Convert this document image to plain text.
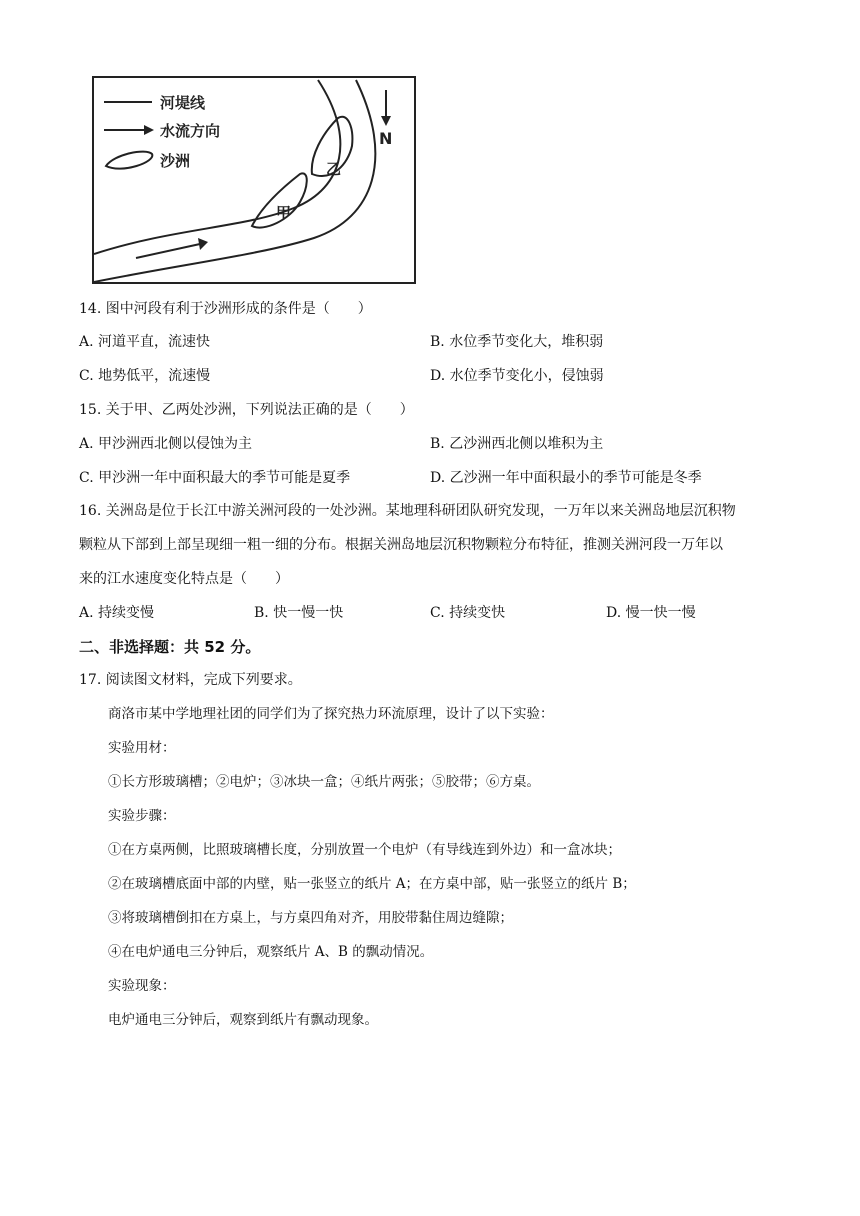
河堤线
水流方向
沙洲
N
甲
乙
14. 图中河段有利于沙洲形成的条件是（　　）
A. 河道平直，流速快	B. 水位季节变化大，堆积弱
C. 地势低平，流速慢	D. 水位季节变化小，侵蚀弱
15. 关于甲、乙两处沙洲，下列说法正确的是（　　）
A. 甲沙洲西北侧以侵蚀为主	B. 乙沙洲西北侧以堆积为主
C. 甲沙洲一年中面积最大的季节可能是夏季	D. 乙沙洲一年中面积最小的季节可能是冬季
16. 关洲岛是位于长江中游关洲河段的一处沙洲。某地理科研团队研究发现，一万年以来关洲岛地层沉积物
颗粒从下部到上部呈现细一粗一细的分布。根据关洲岛地层沉积物颗粒分布特征，推测关洲河段一万年以
来的江水速度变化特点是（　　）
A. 持续变慢	B. 快一慢一快	C. 持续变快	D. 慢一快一慢
二、非选择题：共 52 分。
17. 阅读图文材料，完成下列要求。
商洛市某中学地理社团的同学们为了探究热力环流原理，设计了以下实验：
实验用材：
①长方形玻璃槽；②电炉；③冰块一盒；④纸片两张；⑤胶带；⑥方桌。
实验步骤：
①在方桌两侧，比照玻璃槽长度，分别放置一个电炉（有导线连到外边）和一盒冰块；
②在玻璃槽底面中部的内壁，贴一张竖立的纸片 A；在方桌中部，贴一张竖立的纸片 B；
③将玻璃槽倒扣在方桌上，与方桌四角对齐，用胶带黏住周边缝隙；
④在电炉通电三分钟后，观察纸片 A、B 的飘动情况。
实验现象：
电炉通电三分钟后，观察到纸片有飘动现象。
